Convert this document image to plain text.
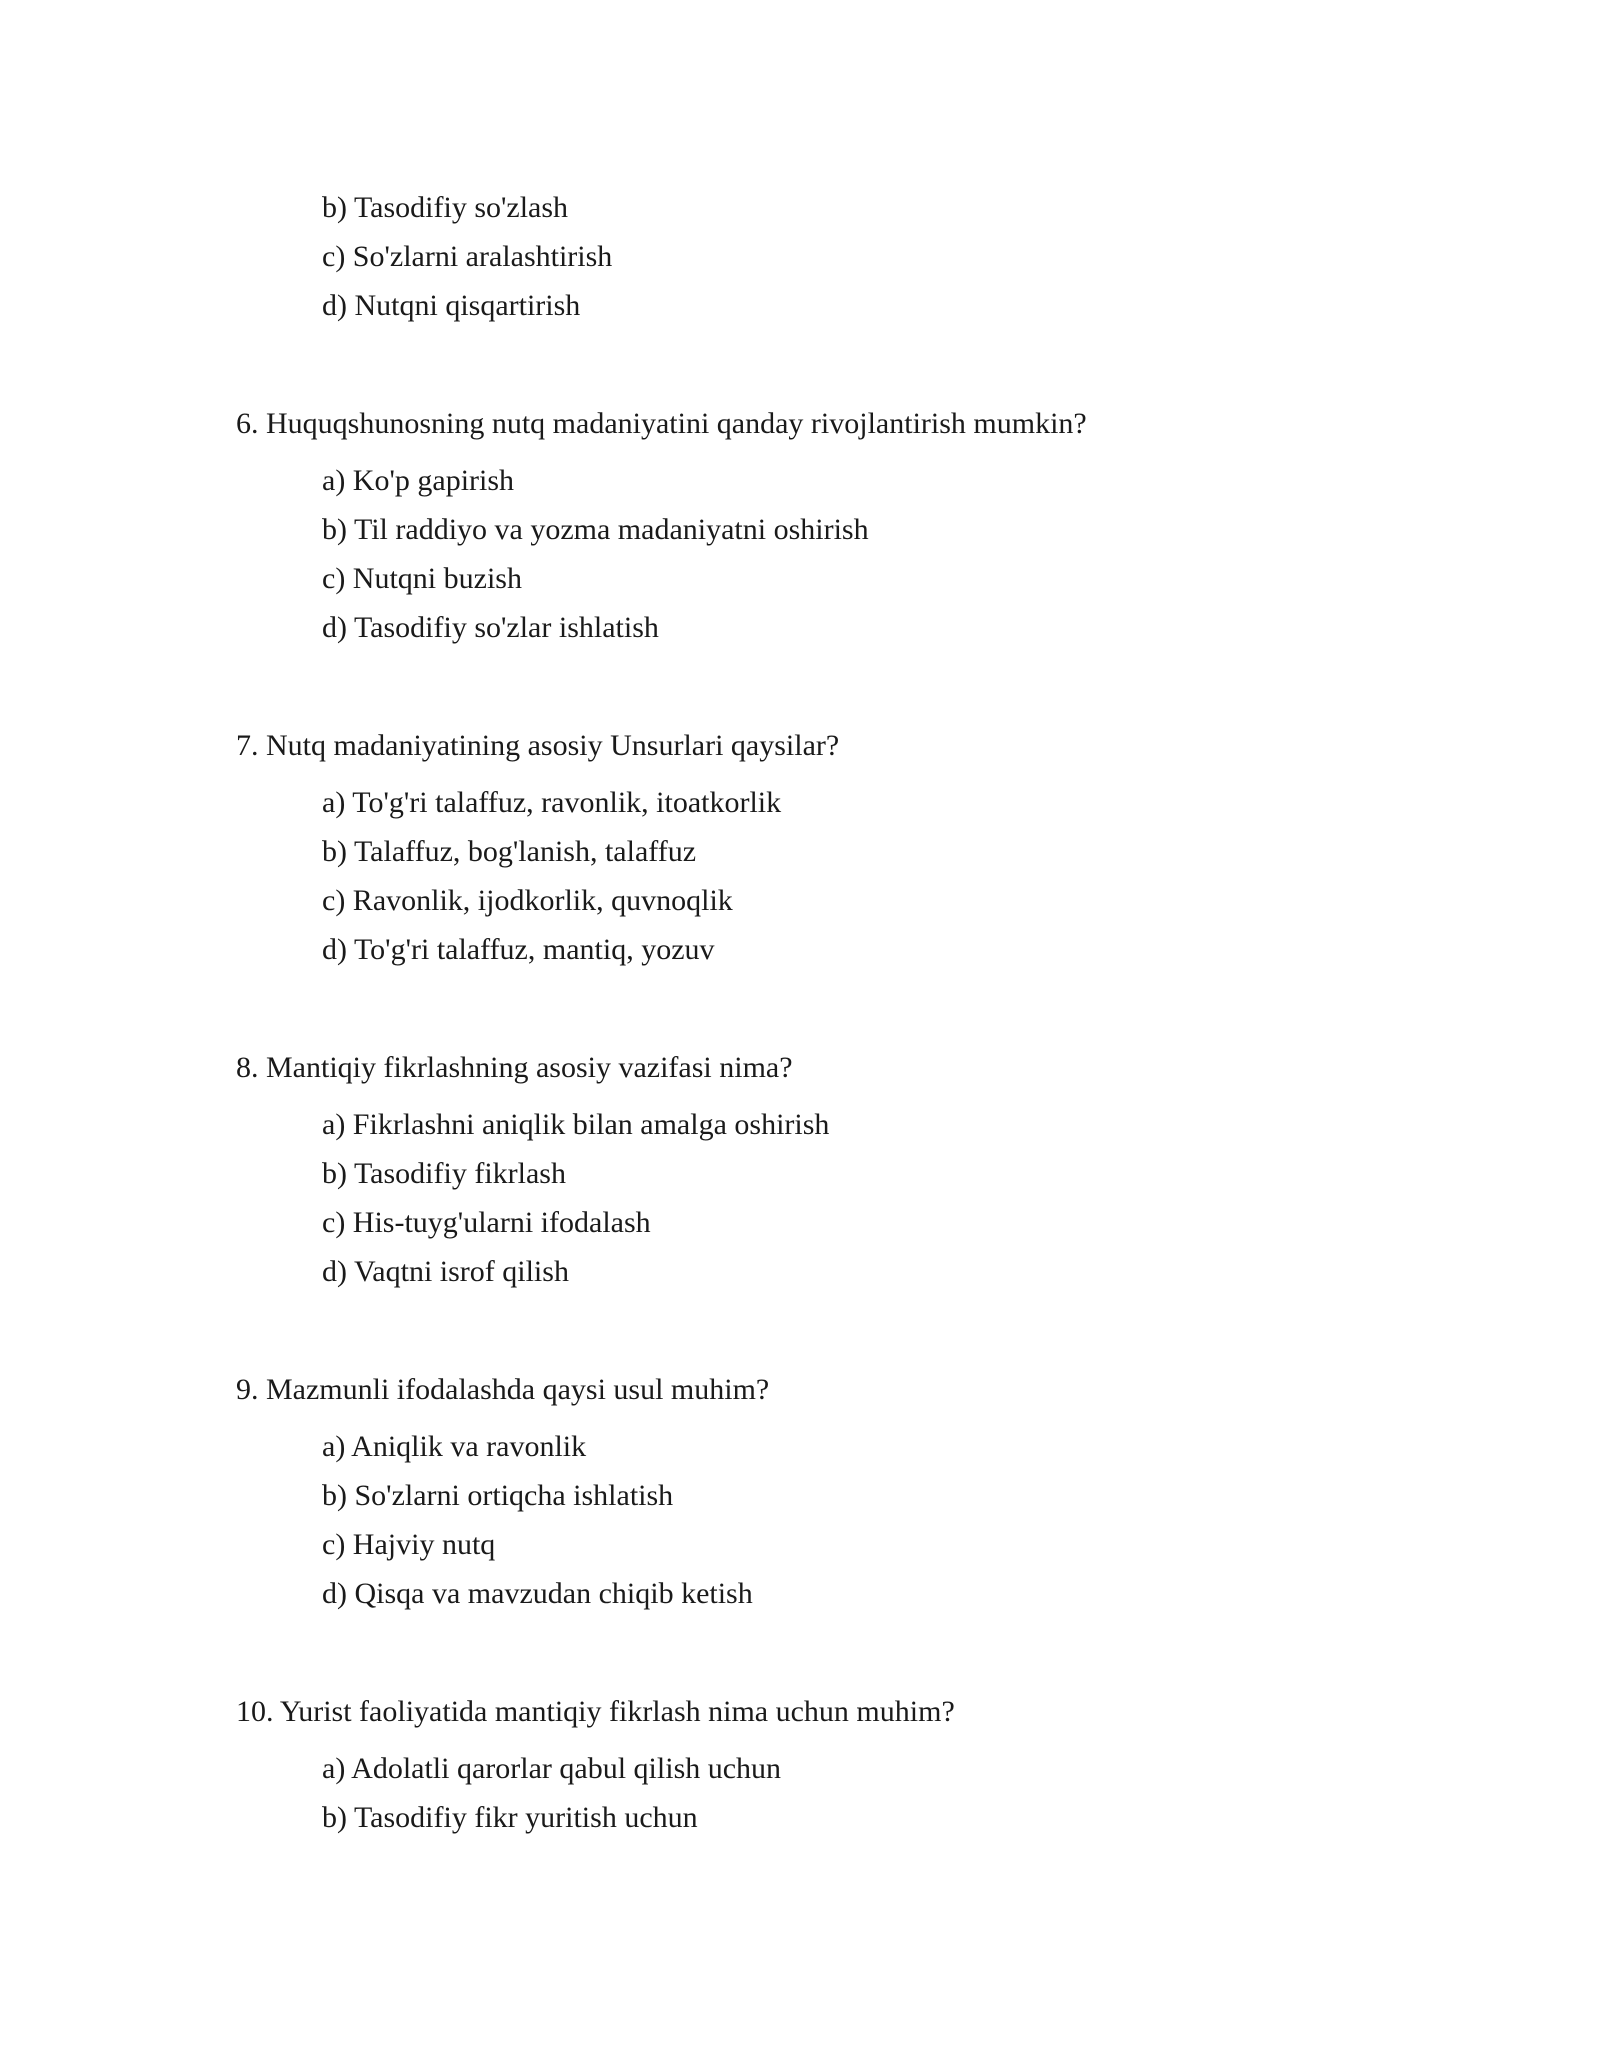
b) Tasodifiy so'zlash
c) So'zlarni aralashtirish
d) Nutqni qisqartirish
6. Huquqshunosning nutq madaniyatini qanday rivojlantirish mumkin?
a) Ko'p gapirish
b) Til raddiyo va yozma madaniyatni oshirish
c) Nutqni buzish
d) Tasodifiy so'zlar ishlatish
7. Nutq madaniyatining asosiy Unsurlari qaysilar?
a) To'g'ri talaffuz, ravonlik, itoatkorlik
b) Talaffuz, bog'lanish, talaffuz
c) Ravonlik, ijodkorlik, quvnoqlik
d) To'g'ri talaffuz, mantiq, yozuv
8. Mantiqiy fikrlashning asosiy vazifasi nima?
a) Fikrlashni aniqlik bilan amalga oshirish
b) Tasodifiy fikrlash
c) His-tuyg'ularni ifodalash
d) Vaqtni isrof qilish
9. Mazmunli ifodalashda qaysi usul muhim?
a) Aniqlik va ravonlik
b) So'zlarni ortiqcha ishlatish
c) Hajviy nutq
d) Qisqa va mavzudan chiqib ketish
10. Yurist faoliyatida mantiqiy fikrlash nima uchun muhim?
a) Adolatli qarorlar qabul qilish uchun
b) Tasodifiy fikr yuritish uchun
